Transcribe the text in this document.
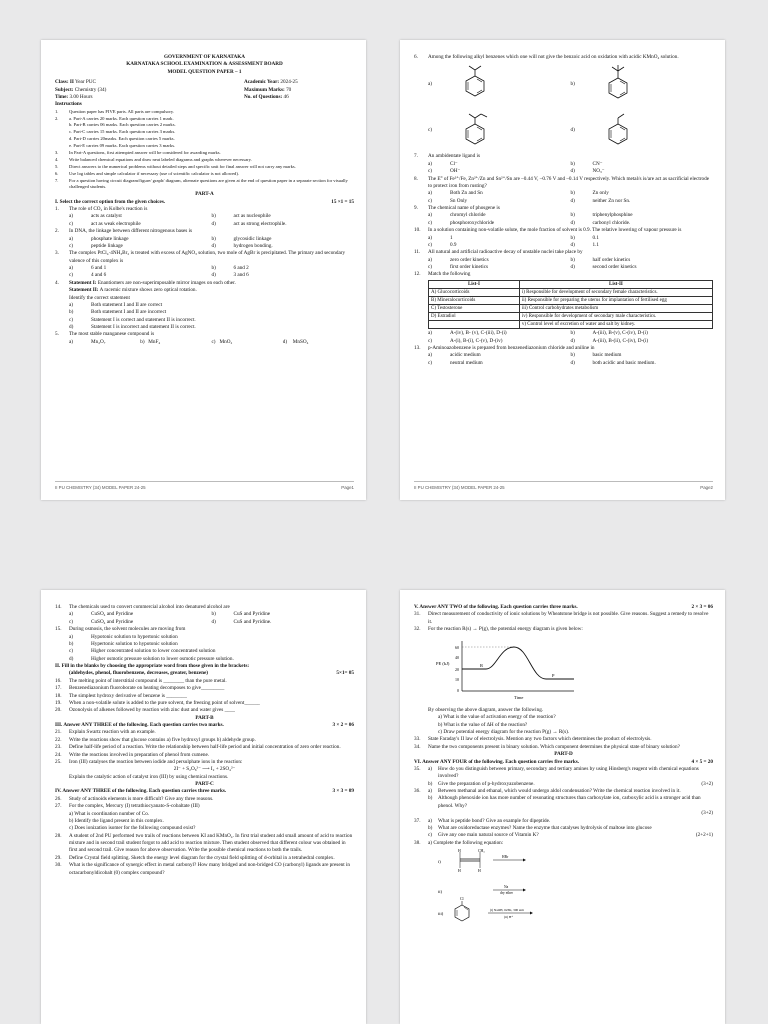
GOVERNMENT OF KARNATAKA
KARNATAKA SCHOOL EXAMINATION & ASSESSMENT BOARD
MODEL QUESTION PAPER – 1
Class: II Year PUC	Academic Year: 2024-25
Subject: Chemistry (34)	Maximum Marks: 70
Time: 3.00 Hours	No. of Questions: 46
Instructions
1.	Question paper has FIVE parts. All parts are compulsory.
2.	a. Part-A carries 20 marks. Each question carries 1 mark.
b. Part-B carries 06 marks. Each question carries 2 marks.
c. Part-C carries 15 marks. Each question carries 3 marks.
d. Part-D carries 20marks. Each question carries 5 marks.
e. Part-E carries 09 marks. Each question carries 3 marks.
3.	In Part-A questions, first attempted answer will be considered for awarding marks.
4.	Write balanced chemical equations and draw neat labeled diagrams and graphs wherever necessary.
5.	Direct answers to the numerical problems without detailed steps and specific unit for final answer will not carry any marks.
6.	Use log tables and simple calculator if necessary (use of scientific calculator is not allowed).
7.	For a question having circuit diagram/figure/ graph/ diagram, alternate questions are given at the end of question paper in a separate section for visually challenged students.
PART-A
I. Select the correct option from the given choices.	15 ×1 = 15
1.	The role of CO₂ in Kolbe's reaction is
a)	acts as catalyst	b)	act as nucleophile
c)	act as weak electrophile	d)	act as strong electrophile.
2.	In DNA, the linkage between different nitrogenous bases is
a)	phosphate linkage	b)	glycosidic linkage
c)	peptide linkage	d)	hydrogen bonding.
3.	The complex PtCl₄·4NH₃Br₂ is treated with excess of AgNO₃ solution, two mole of AgBr is precipitated. The primary and secondary valence of this complex is
a)	6 and 1	b)	6 and 2
c)	4 and 6	d)	3 and 6
4.	Statement I: Enantiomers are non-superimposable mirror images on each other.
Statement II: A racemic mixture shows zero optical rotation.
Identify the correct statement
a)	Both statement I and II are correct
b)	Both statement I and II are incorrect
c)	Statement I is correct and statement II is incorrect.
d)	Statement I is incorrect and statement II is correct.
5.	The most stable manganese compound is
a)	Mn₂O₇	b) MnF₄	c) MnO₂	d)	MnSO₄
II PU CHEMISTRY (34) MODEL PAPER 24-25	Page1
6.	Among the following alkyl benzenes which one will not give the benzoic acid on oxidation with acidic KMnO₄ solution.
a)	b)
c)	d)
7.	An ambidentate ligand is
a)	Cl⁻	b)	CN⁻
c)	OH⁻	d)	NO₃⁻
8.	The E° of Fe²⁺/Fe, Zn²⁺/Zn and Sn²⁺/Sn are –0.44 V, –0.76 V and –0.14 V respectively. Which metal/s is/are act as sacrificial electrode to protect iron from rusting?
a)	Both Zn and Sn	b)	Zn only
c)	Sn Only	d)	neither Zn nor Sn.
9.	The chemical name of phosgene is
a)	chromyl chloride	b)	triphenylphosphine
c)	phosphoroxychloride	d)	carbonyl chloride.
10.	In a solution containing non-volatile solute, the mole fraction of solvent is 0.9. The relative lowering of vapour pressure is
a)	1	b)	0.1
c)	0.9	d)	1.1
11.	All natural and artificial radioactive decay of unstable nuclei take place by
a)	zero order kinetics	b)	half order kinetics
c)	first order kinetics	d)	second order kinetics
12.	Match the following
List-I	List-II
A) Glucocorticoids	i) Responsible for development of secondary female characteristics.
B) Mineralocorticoids	ii) Responsible for preparing the uterus for implantation of fertilised egg
C) Testosterone	iii) Control carbohydrates metabolism
D) Estradiol	iv) Responsible for development of secondary male characteristics.
	v) Control level of excretion of water and salt by kidney.
a)	A-(iv), B- (v), C-(iii), D-(i)	b)	A-(iii), B-(v), C-(iv), D-(i)
c)	A-(i), B-(i), C-(v), D-(iv)	d)	A-(iii), B-(ii), C-(iv), D-(i)
13.	p-Aminoazobenzene is prepared from benzenediazonium chloride and aniline in
a)	acidic medium	b)	basic medium
c)	neutral medium	d)	both acidic and basic medium.
II PU CHEMISTRY (34) MODEL PAPER 24-25	Page2
14.	The chemicals used to convert commercial alcohol into denatured alcohol are
a)	CuSO₄ and Pyridine	b)	CuS and Pyridine
c)	CuSO₄ and Pyridine	d)	CuS and Pyridine.
15.	During osmosis, the solvent molecules are moving from
a)	Hypotonic solution to hypertonic solution
b)	Hypertonic solution to hypotonic solution
c)	Higher concentrated solution to lower concentrated solution
d)	Higher osmotic pressure solution to lower osmotic pressure solution.
II. Fill in the blanks by choosing the appropriate word from those given in the brackets:
(aldehydes, phenol, fluorobenzene, decreases, greater, benzene)	5×1= 05
16.	The melting point of interstitial compound is ________ than the pure metal.
17.	Benzenediazonium fluoroborate on heating decomposes to give_________
18.	The simplest hydroxy derivative of benzene is ________
19.	When a non-volatile solute is added to the pure solvent, the freezing point of solvent______
20.	Ozonolysis of alkenes followed by reaction with zinc dust and water gives ____
PART-B
III. Answer ANY THREE of the following. Each question carries two marks.	3 × 2 = 06
21.	Explain Swartz reaction with an example.
22.	Write the reactions show that glucose contains a) five hydroxyl groups b) aldehyde group.
23.	Define half-life period of a reaction. Write the relationship between half-life period and initial concentration of zero order reaction.
24.	Write the reactions involved in preparation of phenol from cumene.
25.	Iron (III) catalyses the reaction between iodide and persulphate ions in the reaction:
2I⁻ + S₂O₈²⁻ ⟶ I₂ + 2SO₄²⁻
Explain the catalytic action of catalyst iron (III) by using chemical reactions.
PART-C
IV. Answer ANY THREE of the following. Each question carries three marks.	3 × 3 = 09
26.	Study of actinoids elements is more difficult? Give any three reasons.
27.	For the complex, Mercury (I) tetrathiocyanato-S-cobaltate (III)
a) What is coordination number of Co.
b) Identify the ligand present in this complex.
c) Does ionization isomer for the following compound exist?
28.	A student of 2nd PU performed two trails of reactions between KI and KMnO₄. In first trial student add small amount of acid to reaction mixture and in second trail student forgot to add acid to reaction mixture. Then student observed that different colour was obtained in first and second trail. Give reason for above observation. Write the possible chemical reactions to both the trails.
29.	Define Crystal field splitting. Sketch the energy level diagram for the crystal field splitting of d-orbital in a tetrahedral complex.
30.	What is the significance of synergic effect in metal carbonyl? How many bridged and non-bridged CO (carbonyl) ligands are present in octacarbonyldicobalt (0) complex compound?
V. Answer ANY TWO of the following. Each question carries three marks.	2 × 3 = 06
31.	Direct measurement of conductivity of ionic solutions by Wheatstone bridge is not possible. Give reasons. Suggest a remedy to resolve it.
32.	For the reaction R(s) → P(g), the potential energy diagram is given below:
PE (kJ)
Time
60
40
20
10
0
R
P
By observing the above diagram, answer the following.
a) What is the value of activation energy of the reaction?
b) What is the value of ΔH of the reaction?
c) Draw potential energy diagram for the reaction P(g) → R(s).
33.	State Faraday's II law of electrolysis. Mention any two factors which determines the product of electrolysis.
34.	Name the two components present in binary solution. Which component determines the physical state of binary solution?
PART-D
VI. Answer ANY FOUR of the following. Each question carries five marks.	4 × 5 = 20
35.	a)	How do you distinguish between primary, secondary and tertiary amines by using Hinsberg's reagent with chemical equations involved?
b)	Give the preparation of p-hydroxyazobenzene.	(3+2)
36.	a)	Between methanal and ethanal, which would undergo aldol condensation? Write the chemical reaction involved in it.
b)	Although phenoxide ion has more number of resonating structures than carboxylate ion, carboxylic acid is a stronger acid than phenol. Why?
(3+2)
37.	a)	What is peptide bond? Give an example for dipeptide.
b)	What are oxidoreductase enzymes? Name the enzyme that catalyses hydrolysis of maltose into glucose
c)	Give any one main natural source of Vitamin K?	(2+2+1)
38.	a) Complete the following equation:
i)
H	CH₃
H	H
HBr
ii)
Na
dry ether
iii)
Cl
(i) NaOH, 623K, 300 atm
(ii) H⁺
